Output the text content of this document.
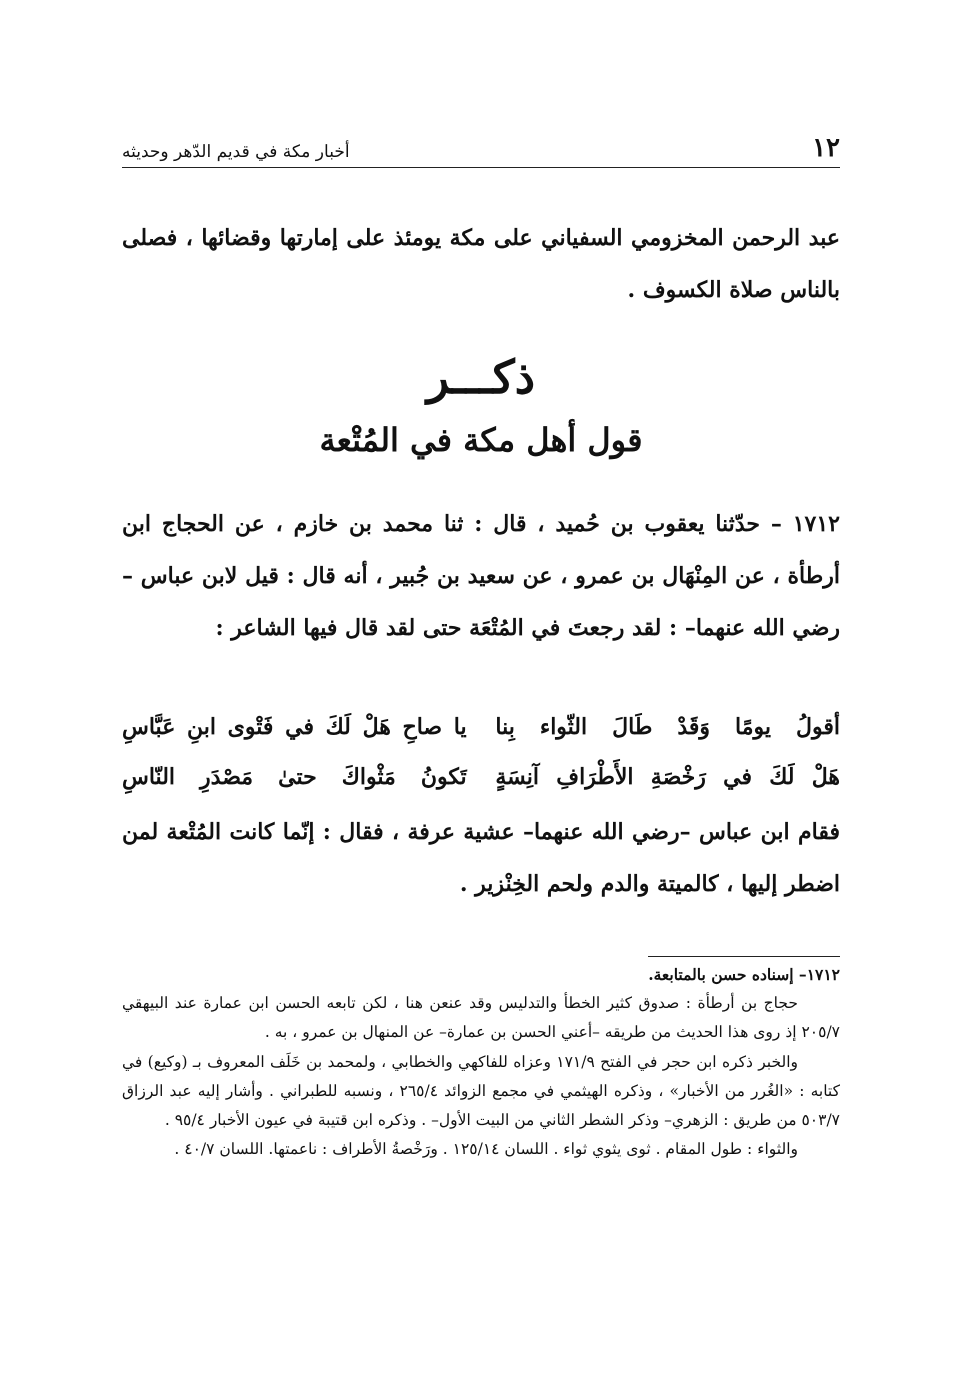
١٢
أخبار مكة في قديم الدّهر وحديثه

عبد الرحمن المخزومي السفياني على مكة يومئذ على إمارتها وقضائها ، فصلى بالناس صلاة الكسوف .

ذكـــر
قول أهل مكة في المُتْعة

١٧١٢ – حدّثنا يعقوب بن حُميد ، قال : ثنا محمد بن خازم ، عن الحجاج ابن أرطأة ، عن المِنْهَال بن عمرو ، عن سعيد بن جُبير ، أنه قال : قيل لابن عباس –رضي الله عنهما– : لقد رجعتَ في المُتْعَة حتى لقد قال فيها الشاعر :

أقولُ يومًا وَقَدْ طَالَ الثّواء بِنا
يا صاحِ هَلْ لَكَ في فَتْوى ابنِ عَبَّاسِ
هَلْ لَكَ في رَخْصَةِ الأَطْرَافِ آنِسَةٍ
تَكونُ مَثْواكَ حتىٰ مَصْدَرِ النّاسِ

فقام ابن عباس –رضي الله عنهما– عشية عرفة ، فقال : إنّما كانت المُتْعة لمن اضطر إليها ، كالميتة والدم ولحم الخِنْزير .

١٧١٢– إسناده حسن بالمتابعة.

حجاج بن أرطأة : صدوق كثير الخطأ والتدليس وقد عنعن هنا ، لكن تابعه الحسن ابن عمارة عند البيهقي ٢٠٥/٧ إذ روى هذا الحديث من طريقه –أعني الحسن بن عمارة– عن المنهال بن عمرو ، به .

والخبر ذكره ابن حجر في الفتح ١٧١/٩ وعزاه للفاكهي والخطابي ، ولمحمد بن خَلَف المعروف بـ (وكيع) في كتابه : «الغُرر من الأخبار» ، وذكره الهيثمي في مجمع الزوائد ٢٦٥/٤ ، ونسبه للطبراني . وأشار إليه عبد الرزاق ٥٠٣/٧ من طريق : الزهري– وذكر الشطر الثاني من البيت الأول– . وذكره ابن قتيبة في عيون الأخبار ٩٥/٤ .

والثواء : طول المقام . ثوى يثوي ثواء . اللسان ١٢٥/١٤ . ورَخْصةُ الأطراف : ناعمتها. اللسان ٤٠/٧ .
